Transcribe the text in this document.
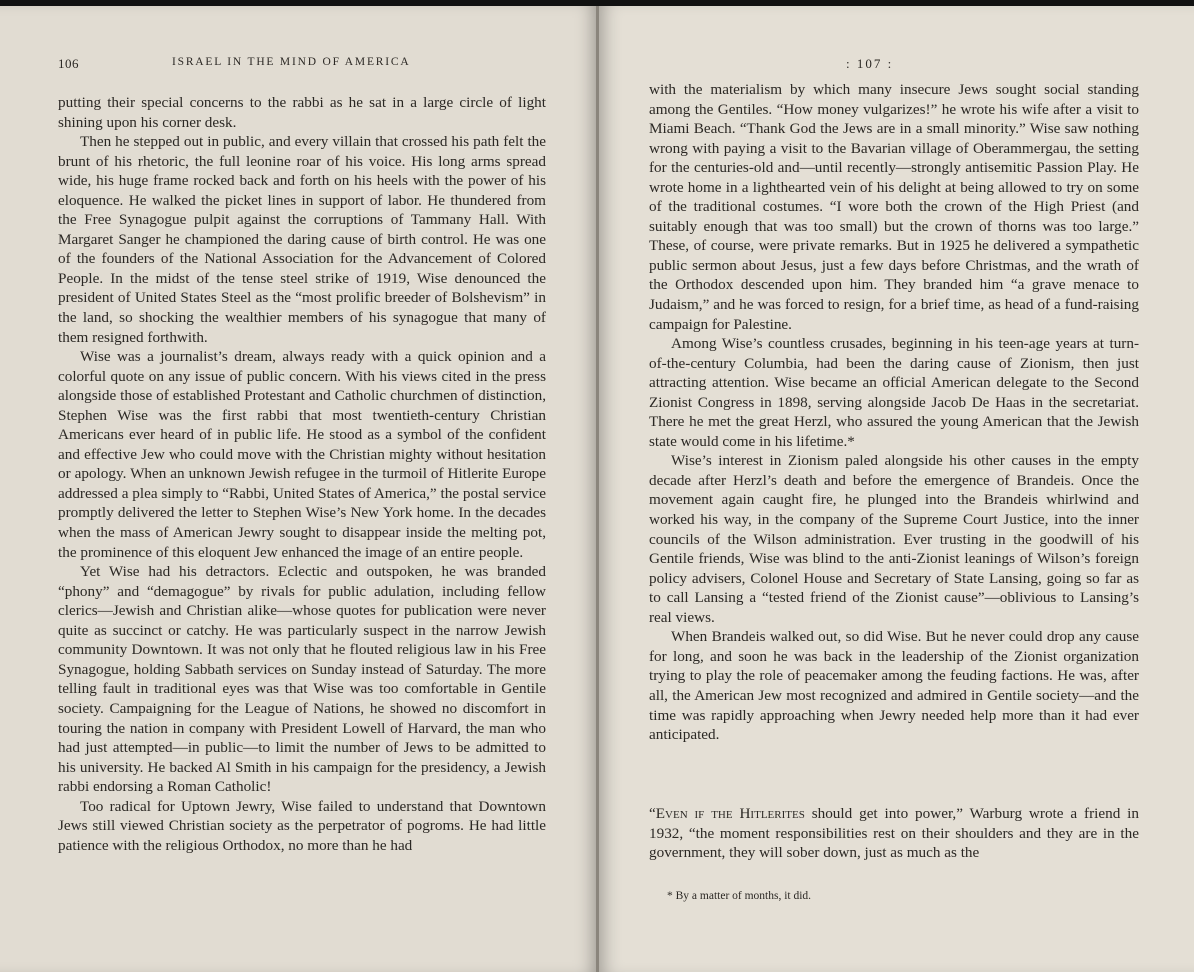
106	ISRAEL IN THE MIND OF AMERICA

putting their special concerns to the rabbi as he sat in a large circle of light shining upon his corner desk.

Then he stepped out in public, and every villain that crossed his path felt the brunt of his rhetoric, the full leonine roar of his voice. His long arms spread wide, his huge frame rocked back and forth on his heels with the power of his eloquence. He walked the picket lines in support of labor. He thundered from the Free Synagogue pulpit against the corruptions of Tammany Hall. With Margaret Sanger he championed the daring cause of birth control. He was one of the founders of the National Association for the Advancement of Colored People. In the midst of the tense steel strike of 1919, Wise denounced the president of United States Steel as the “most prolific breeder of Bolshevism” in the land, so shocking the wealthier members of his synagogue that many of them resigned forthwith.

Wise was a journalist’s dream, always ready with a quick opinion and a colorful quote on any issue of public concern. With his views cited in the press alongside those of established Protestant and Catholic churchmen of distinction, Stephen Wise was the first rabbi that most twentieth-century Christian Americans ever heard of in public life. He stood as a symbol of the confident and effective Jew who could move with the Christian mighty without hesitation or apology. When an unknown Jewish refugee in the turmoil of Hitlerite Europe addressed a plea simply to “Rabbi, United States of America,” the postal service promptly delivered the letter to Stephen Wise’s New York home. In the decades when the mass of American Jewry sought to disappear inside the melting pot, the prominence of this eloquent Jew enhanced the image of an entire people.

Yet Wise had his detractors. Eclectic and outspoken, he was branded “phony” and “demagogue” by rivals for public adulation, including fellow clerics—Jewish and Christian alike—whose quotes for publication were never quite as succinct or catchy. He was particularly suspect in the narrow Jewish community Downtown. It was not only that he flouted religious law in his Free Synagogue, holding Sabbath services on Sunday instead of Saturday. The more telling fault in traditional eyes was that Wise was too comfortable in Gentile society. Campaigning for the League of Nations, he showed no discomfort in touring the nation in company with President Lowell of Harvard, the man who had just attempted—in public—to limit the number of Jews to be admitted to his university. He backed Al Smith in his campaign for the presidency, a Jewish rabbi endorsing a Roman Catholic!

Too radical for Uptown Jewry, Wise failed to understand that Downtown Jews still viewed Christian society as the perpetrator of pogroms. He had little patience with the religious Orthodox, no more than he had

: 107 :

with the materialism by which many insecure Jews sought social standing among the Gentiles. “How money vulgarizes!” he wrote his wife after a visit to Miami Beach. “Thank God the Jews are in a small minority.” Wise saw nothing wrong with paying a visit to the Bavarian village of Oberammergau, the setting for the centuries-old and—until recently—strongly antisemitic Passion Play. He wrote home in a lighthearted vein of his delight at being allowed to try on some of the traditional costumes. “I wore both the crown of the High Priest (and suitably enough that was too small) but the crown of thorns was too large.” These, of course, were private remarks. But in 1925 he delivered a sympathetic public sermon about Jesus, just a few days before Christmas, and the wrath of the Orthodox descended upon him. They branded him “a grave menace to Judaism,” and he was forced to resign, for a brief time, as head of a fund-raising campaign for Palestine.

Among Wise’s countless crusades, beginning in his teen-age years at turn-of-the-century Columbia, had been the daring cause of Zionism, then just attracting attention. Wise became an official American delegate to the Second Zionist Congress in 1898, serving alongside Jacob De Haas in the secretariat. There he met the great Herzl, who assured the young American that the Jewish state would come in his lifetime.*

Wise’s interest in Zionism paled alongside his other causes in the empty decade after Herzl’s death and before the emergence of Brandeis. Once the movement again caught fire, he plunged into the Brandeis whirlwind and worked his way, in the company of the Supreme Court Justice, into the inner councils of the Wilson administration. Ever trusting in the goodwill of his Gentile friends, Wise was blind to the anti-Zionist leanings of Wilson’s foreign policy advisers, Colonel House and Secretary of State Lansing, going so far as to call Lansing a “tested friend of the Zionist cause”—oblivious to Lansing’s real views.

When Brandeis walked out, so did Wise. But he never could drop any cause for long, and soon he was back in the leadership of the Zionist organization trying to play the role of peacemaker among the feuding factions. He was, after all, the American Jew most recognized and admired in Gentile society—and the time was rapidly approaching when Jewry needed help more than it had ever anticipated.

“Even if the Hitlerites should get into power,” Warburg wrote a friend in 1932, “the moment responsibilities rest on their shoulders and they are in the government, they will sober down, just as much as the

* By a matter of months, it did.
